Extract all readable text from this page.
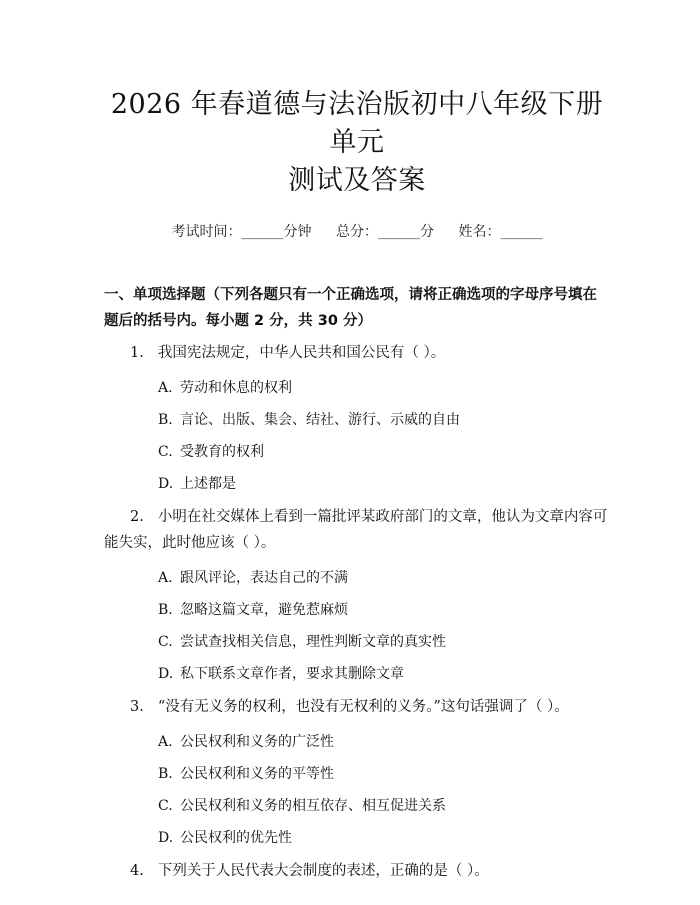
2026 年春道德与法治版初中八年级下册单元
测试及答案
考试时间：______分钟 总分：______分 姓名：______
一、单项选择题（下列各题只有一个正确选项，请将正确选项的字母序号填在题后的括号内。每小题 2 分，共 30 分）
1. 我国宪法规定，中华人民共和国公民有（ ）。
A. 劳动和休息的权利
B. 言论、出版、集会、结社、游行、示威的自由
C. 受教育的权利
D. 上述都是
2. 小明在社交媒体上看到一篇批评某政府部门的文章，他认为文章内容可能失实，此时他应该（ ）。
A. 跟风评论，表达自己的不满
B. 忽略这篇文章，避免惹麻烦
C. 尝试查找相关信息，理性判断文章的真实性
D. 私下联系文章作者，要求其删除文章
3. “没有无义务的权利，也没有无权利的义务。”这句话强调了（ ）。
A. 公民权利和义务的广泛性
B. 公民权利和义务的平等性
C. 公民权利和义务的相互依存、相互促进关系
D. 公民权利的优先性
4. 下列关于人民代表大会制度的表述，正确的是（ ）。
